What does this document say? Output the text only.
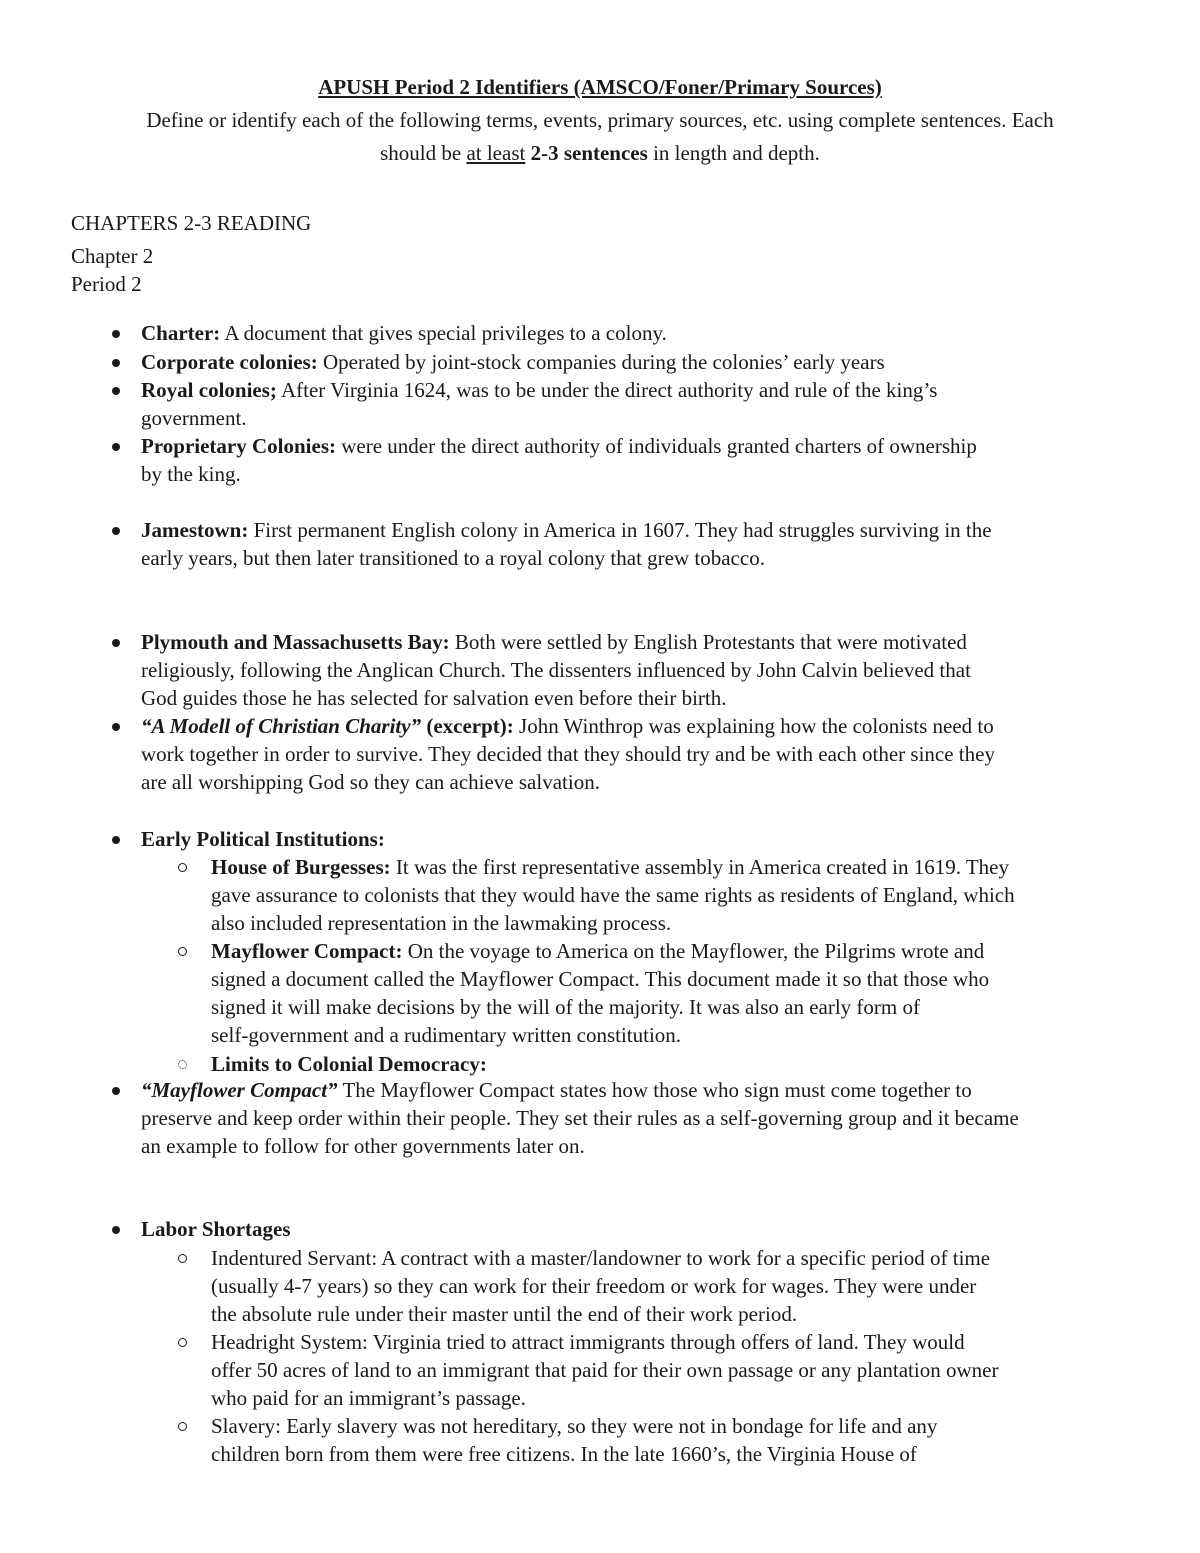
APUSH Period 2 Identifiers (AMSCO/Foner/Primary Sources)
Define or identify each of the following terms, events, primary sources, etc. using complete sentences. Each
should be at least 2-3 sentences in length and depth.
CHAPTERS 2-3 READING
Chapter 2
Period 2
Charter: A document that gives special privileges to a colony.
Corporate colonies: Operated by joint-stock companies during the colonies’ early years
Royal colonies; After Virginia 1624, was to be under the direct authority and rule of the king’s
government.
Proprietary Colonies: were under the direct authority of individuals granted charters of ownership
by the king.
Jamestown: First permanent English colony in America in 1607. They had struggles surviving in the
early years, but then later transitioned to a royal colony that grew tobacco.
Plymouth and Massachusetts Bay: Both were settled by English Protestants that were motivated
religiously, following the Anglican Church. The dissenters influenced by John Calvin believed that
God guides those he has selected for salvation even before their birth.
“A Modell of Christian Charity” (excerpt): John Winthrop was explaining how the colonists need to
work together in order to survive. They decided that they should try and be with each other since they
are all worshipping God so they can achieve salvation.
Early Political Institutions:
House of Burgesses: It was the first representative assembly in America created in 1619. They
gave assurance to colonists that they would have the same rights as residents of England, which
also included representation in the lawmaking process.
Mayflower Compact: On the voyage to America on the Mayflower, the Pilgrims wrote and
signed a document called the Mayflower Compact. This document made it so that those who
signed it will make decisions by the will of the majority. It was also an early form of
self-government and a rudimentary written constitution.
Limits to Colonial Democracy:
“Mayflower Compact” The Mayflower Compact states how those who sign must come together to
preserve and keep order within their people. They set their rules as a self-governing group and it became
an example to follow for other governments later on.
Labor Shortages
Indentured Servant: A contract with a master/landowner to work for a specific period of time
(usually 4-7 years) so they can work for their freedom or work for wages. They were under
the absolute rule under their master until the end of their work period.
Headright System: Virginia tried to attract immigrants through offers of land. They would
offer 50 acres of land to an immigrant that paid for their own passage or any plantation owner
who paid for an immigrant’s passage.
Slavery: Early slavery was not hereditary, so they were not in bondage for life and any
children born from them were free citizens. In the late 1660’s, the Virginia House of
